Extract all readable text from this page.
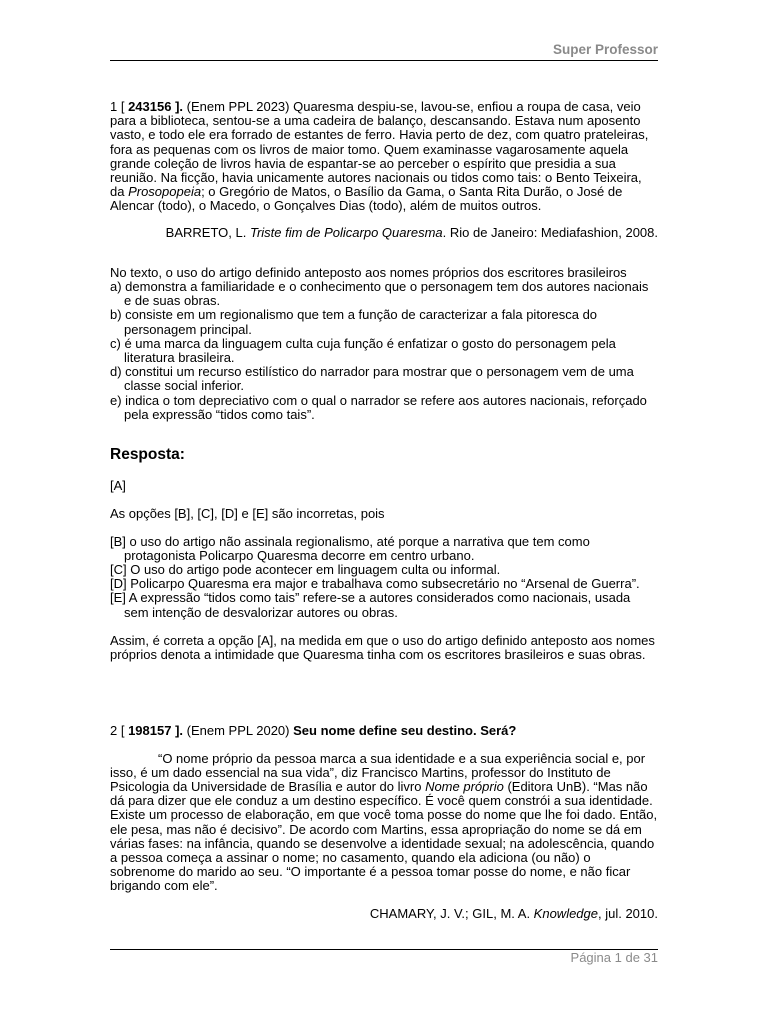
Super Professor

1 [ 243156 ]. (Enem PPL 2023) Quaresma despiu-se, lavou-se, enfiou a roupa de casa, veio para a biblioteca, sentou-se a uma cadeira de balanço, descansando. Estava num aposento vasto, e todo ele era forrado de estantes de ferro. Havia perto de dez, com quatro prateleiras, fora as pequenas com os livros de maior tomo. Quem examinasse vagarosamente aquela grande coleção de livros havia de espantar-se ao perceber o espírito que presidia a sua reunião. Na ficção, havia unicamente autores nacionais ou tidos como tais: o Bento Teixeira, da Prosopopeia; o Gregório de Matos, o Basílio da Gama, o Santa Rita Durão, o José de Alencar (todo), o Macedo, o Gonçalves Dias (todo), além de muitos outros.

BARRETO, L. Triste fim de Policarpo Quaresma. Rio de Janeiro: Mediafashion, 2008.

No texto, o uso do artigo definido anteposto aos nomes próprios dos escritores brasileiros

a) demonstra a familiaridade e o conhecimento que o personagem tem dos autores nacionais e de suas obras.

b) consiste em um regionalismo que tem a função de caracterizar a fala pitoresca do personagem principal.

c) é uma marca da linguagem culta cuja função é enfatizar o gosto do personagem pela literatura brasileira.

d) constitui um recurso estilístico do narrador para mostrar que o personagem vem de uma classe social inferior.

e) indica o tom depreciativo com o qual o narrador se refere aos autores nacionais, reforçado pela expressão “tidos como tais”.

Resposta:

[A]

As opções [B], [C], [D] e [E] são incorretas, pois

[B] o uso do artigo não assinala regionalismo, até porque a narrativa que tem como protagonista Policarpo Quaresma decorre em centro urbano.

[C] O uso do artigo pode acontecer em linguagem culta ou informal.

[D] Policarpo Quaresma era major e trabalhava como subsecretário no “Arsenal de Guerra”.

[E] A expressão “tidos como tais” refere-se a autores considerados como nacionais, usada sem intenção de desvalorizar autores ou obras.

Assim, é correta a opção [A], na medida em que o uso do artigo definido anteposto aos nomes próprios denota a intimidade que Quaresma tinha com os escritores brasileiros e suas obras.

2 [ 198157 ]. (Enem PPL 2020) Seu nome define seu destino. Será?

“O nome próprio da pessoa marca a sua identidade e a sua experiência social e, por isso, é um dado essencial na sua vida”, diz Francisco Martins, professor do Instituto de Psicologia da Universidade de Brasília e autor do livro Nome próprio (Editora UnB). “Mas não dá para dizer que ele conduz a um destino específico. É você quem constrói a sua identidade. Existe um processo de elaboração, em que você toma posse do nome que lhe foi dado. Então, ele pesa, mas não é decisivo”. De acordo com Martins, essa apropriação do nome se dá em várias fases: na infância, quando se desenvolve a identidade sexual; na adolescência, quando a pessoa começa a assinar o nome; no casamento, quando ela adiciona (ou não) o sobrenome do marido ao seu. “O importante é a pessoa tomar posse do nome, e não ficar brigando com ele”.

CHAMARY, J. V.; GIL, M. A. Knowledge, jul. 2010.

Página 1 de 31
